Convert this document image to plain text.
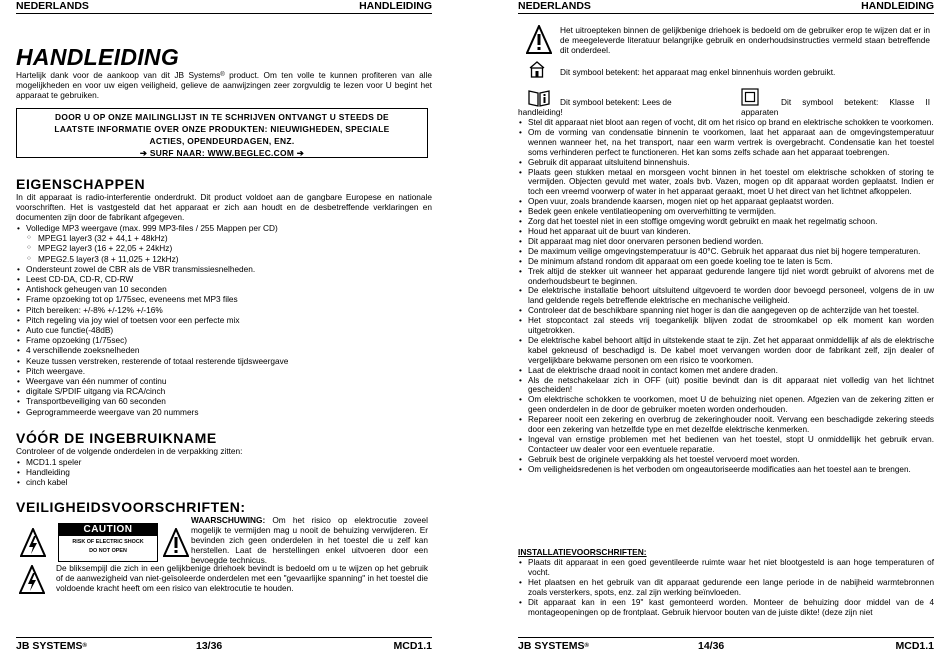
NEDERLANDS	HANDLEIDING
HANDLEIDING

Hartelijk dank voor de aankoop van dit JB Systems® product. Om ten volle te kunnen profiteren van alle mogelijkheden en voor uw eigen veiligheid, gelieve de aanwijzingen zeer zorgvuldig te lezen voor U begint het apparaat te gebruiken.

DOOR U OP ONZE MAILINGLIJST IN TE SCHRIJVEN ONTVANGT U STEEDS DE
LAATSTE INFORMATIE OVER ONZE PRODUKTEN: NIEUWIGHEDEN, SPECIALE
ACTIES, OPENDEURDAGEN, ENZ.
➔ SURF NAAR: WWW.BEGLEC.COM ➔
EIGENSCHAPPEN

In dit apparaat is radio-interferentie onderdrukt. Dit product voldoet aan de gangbare Europese en nationale voorschriften. Het is vastgesteld dat het apparaat er zich aan houdt en de desbetreffende verklaringen en documenten zijn door de fabrikant afgegeven.

• Volledige MP3 weergave (max. 999 MP3-files / 255 Mappen per CD)
○ MPEG1 layer3 (32 + 44,1 + 48kHz)
○ MPEG2 layer3 (16 + 22,05 + 24kHz)
○ MPEG2.5 layer3 (8 + 11,025 + 12kHz)
• Ondersteunt zowel de CBR als de VBR transmissiesnelheden.
• Leest CD-DA, CD-R, CD-RW
• Antishock geheugen van 10 seconden
• Frame opzoeking tot op 1/75sec, eveneens met MP3 files
• Pitch bereiken: +/-8% +/-12% +/-16%
• Pitch regeling via joy wiel of toetsen voor een perfecte mix
• Auto cue functie(-48dB)
• Frame opzoeking (1/75sec)
• 4 verschillende zoeksnelheden
• Keuze tussen verstreken, resterende of totaal resterende tijdsweergave
• Pitch weergave.
• Weergave van één nummer of continu
• digitale S/PDIF uitgang via RCA/cinch
• Transportbeveiliging van 60 seconden
• Geprogrammeerde weergave van 20 nummers
VÓÓR DE INGEBRUIKNAME

Controleer of de volgende onderdelen in de verpakking zitten:

• MCD1.1 speler
• Handleiding
• cinch kabel
VEILIGHEIDSVOORSCHRIFTEN:
CAUTION
RISK OF ELECTRIC SHOCK
DO NOT OPEN

WAARSCHUWING: Om het risico op elektrocutie zoveel mogelijk te vermijden mag u nooit de behuizing verwijderen. Er bevinden zich geen onderdelen in het toestel die u zelf kan herstellen. Laat de herstellingen enkel uitvoeren door een bevoegde technicus.

De bliksempijl die zich in een gelijkbenige driehoek bevindt is bedoeld om u te wijzen op het gebruik of de aanwezigheid van niet-geïsoleerde onderdelen met een "gevaarlijke spanning" in het toestel die voldoende kracht heeft om een risico van elektrocutie te houden.

JB SYSTEMS®	13/36	MCD1.1
NEDERLANDS	HANDLEIDING

Het uitroepteken binnen de gelijkbenige driehoek is bedoeld om de gebruiker erop te wijzen dat er in de meegeleverde literatuur belangrijke gebruik en onderhoudsinstructies vermeld staan betreffende dit onderdeel.

Dit symbool betekent: het apparaat mag enkel binnenhuis worden gebruikt.

Dit symbool betekent: Lees de handleiding!

Dit symbool betekent: Klasse II apparaten

• Stel dit apparaat niet bloot aan regen of vocht, dit om het risico op brand en elektrische schokken te voorkomen.
• Om de vorming van condensatie binnenin te voorkomen, laat het apparaat aan de omgevingstemperatuur wennen wanneer het, na het transport, naar een warm vertrek is overgebracht. Condensatie kan het toestel soms verhinderen perfect te functioneren. Het kan soms zelfs schade aan het apparaat toebrengen.
• Gebruik dit apparaat uitsluitend binnenshuis.
• Plaats geen stukken metaal en morsgeen vocht binnen in het toestel om elektrische schokken of storing te vermijden. Objecten gevuld met water, zoals bvb. Vazen, mogen op dit apparaat worden geplaatst. Indien er toch een vreemd voorwerp of water in het apparaat geraakt, moet U het direct van het lichtnet afkoppelen.
• Open vuur, zoals brandende kaarsen, mogen niet op het apparaat geplaatst worden.
• Bedek geen enkele ventilatieopening om oververhitting te vermijden.
• Zorg dat het toestel niet in een stoffige omgeving wordt gebruikt en maak het regelmatig schoon.
• Houd het apparaat uit de buurt van kinderen.
• Dit apparaat mag niet door onervaren personen bediend worden.
• De maximum veilige omgevingstemperatuur is 40°C. Gebruik het apparaat dus niet bij hogere temperaturen.
• De minimum afstand rondom dit apparaat om een goede koeling toe te laten is 5cm.
• Trek altijd de stekker uit wanneer het apparaat gedurende langere tijd niet wordt gebruikt of alvorens met de onderhoudsbeurt te beginnen.
• De elektrische installatie behoort uitsluitend uitgevoerd te worden door bevoegd personeel, volgens de in uw land geldende regels betreffende elektrische en mechanische veiligheid.
• Controleer dat de beschikbare spanning niet hoger is dan die aangegeven op de achterzijde van het toestel.
• Het stopcontact zal steeds vrij toegankelijk blijven zodat de stroomkabel op elk moment kan worden uitgetrokken.
• De elektrische kabel behoort altijd in uitstekende staat te zijn. Zet het apparaat onmiddellijk af als de elektrische kabel gekneusd of beschadigd is. De kabel moet vervangen worden door de fabrikant zelf, zijn dealer of vergelijkbare bekwame personen om een risico te voorkomen.
• Laat de elektrische draad nooit in contact komen met andere draden.
• Als de netschakelaar zich in OFF (uit) positie bevindt dan is dit apparaat niet volledig van het lichtnet gescheiden!
• Om elektrische schokken te voorkomen, moet U de behuizing niet openen. Afgezien van de zekering zitten er geen onderdelen in de door de gebruiker moeten worden onderhouden.
• Repareer nooit een zekering en overbrug de zekeringhouder nooit. Vervang een beschadigde zekering steeds door een zekering van hetzelfde type en met dezelfde elektrische kenmerken.
• Ingeval van ernstige problemen met het bedienen van het toestel, stopt U onmiddellijk het gebruik ervan. Contacteer uw dealer voor een eventuele reparatie.
• Gebruik best de originele verpakking als het toestel vervoerd moet worden.
• Om veiligheidsredenen is het verboden om ongeautoriseerde modificaties aan het toestel aan te brengen.
INSTALLATIEVOORSCHRIFTEN:
• Plaats dit apparaat in een goed geventileerde ruimte waar het niet blootgesteld is aan hoge temperaturen of vocht.
• Het plaatsen en het gebruik van dit apparaat gedurende een lange periode in de nabijheid warmtebronnen zoals versterkers, spots, enz. zal zijn werking beïnvloeden.
• Dit apparaat kan in een 19" kast gemonteerd worden. Monteer de behuizing door middel van de 4 montageopeningen op de frontplaat. Gebruik hiervoor bouten van de juiste dikte! (deze zijn niet
JB SYSTEMS®	14/36	MCD1.1
